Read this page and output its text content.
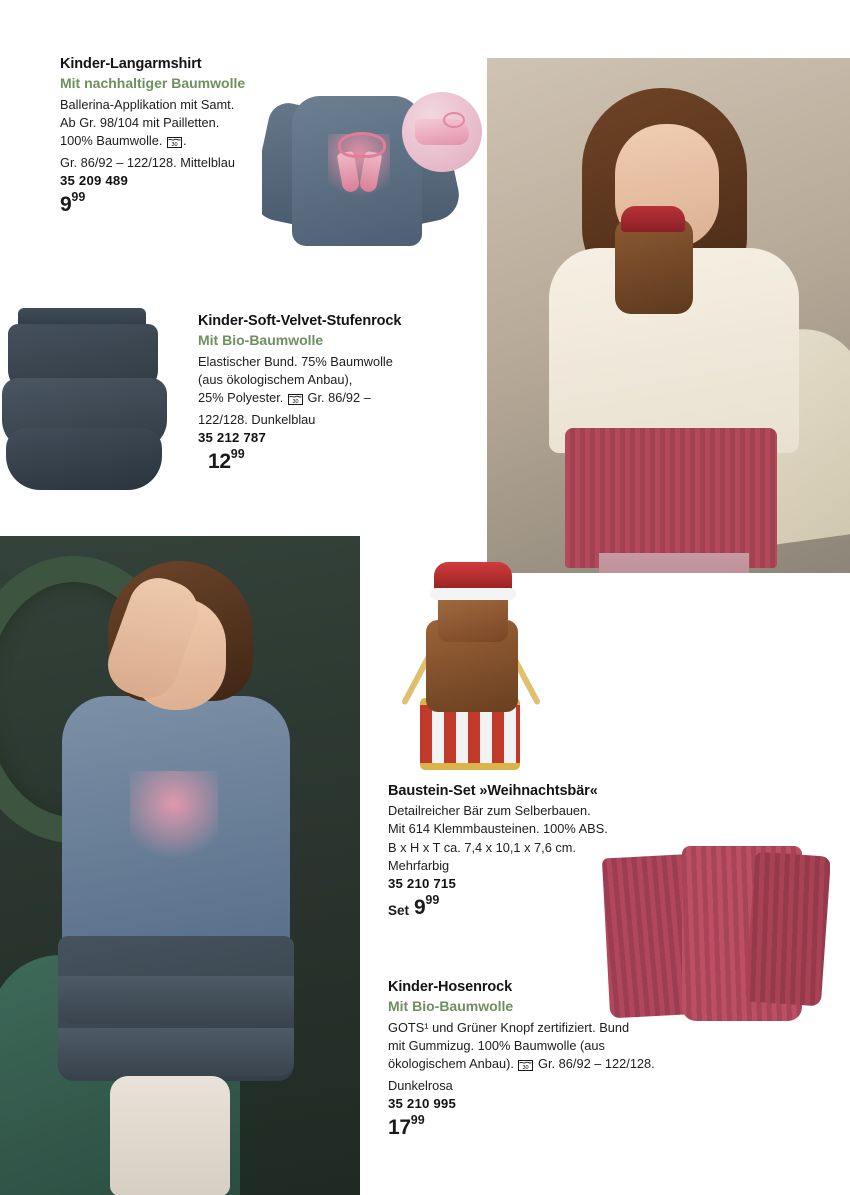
Kinder-Langarmshirt
Mit nachhaltiger Baumwolle
Ballerina-Applikation mit Samt.
Ab Gr. 98/104 mit Pailletten.
100% Baumwolle. 30 .
Gr. 86/92 – 122/128. Mittelblau
35 209 489
9 99
Kinder-Soft-Velvet-Stufenrock
Mit Bio-Baumwolle
Elastischer Bund. 75% Baumwolle
(aus ökologischem Anbau),
25% Polyester. 30 Gr. 86/92 –
122/128. Dunkelblau
35 212 787
12 99
Baustein-Set »Weihnachtsbär«
Detailreicher Bär zum Selberbauen.
Mit 614 Klemmbausteinen. 100% ABS.
B x H x T ca. 7,4 x 10,1 x 7,6 cm.
Mehrfarbig
35 210 715
Set 9 99
Kinder-Hosenrock
Mit Bio-Baumwolle
GOTS¹ und Grüner Knopf zertifiziert. Bund
mit Gummizug. 100% Baumwolle (aus
ökologischem Anbau). 30 Gr. 86/92 – 122/128.
Dunkelrosa
35 210 995
17 99
